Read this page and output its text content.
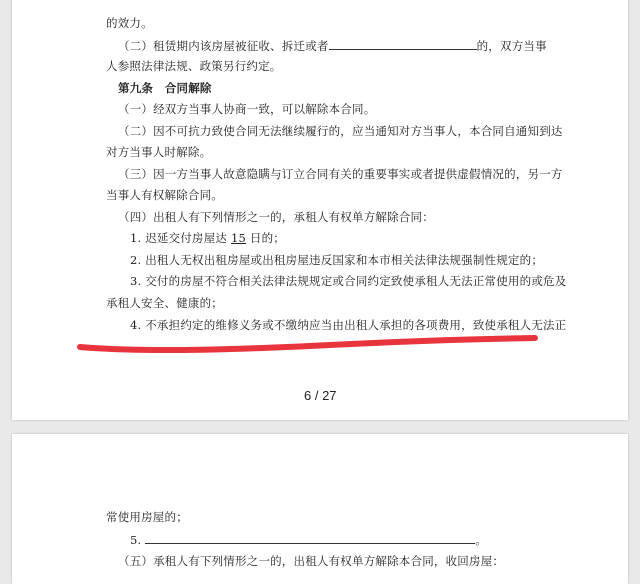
的效力。
（二）租赁期内该房屋被征收、拆迁或者	的，双方当事
人参照法律法规、政策另行约定。
第九条　合同解除
（一）经双方当事人协商一致，可以解除本合同。
（二）因不可抗力致使合同无法继续履行的，应当通知对方当事人，本合同自通知到达
对方当事人时解除。
（三）因一方当事人故意隐瞒与订立合同有关的重要事实或者提供虚假情况的，另一方
当事人有权解除合同。
（四）出租人有下列情形之一的，承租人有权单方解除合同：
1. 迟延交付房屋达 15 日的；
2. 出租人无权出租房屋或出租房屋违反国家和本市相关法律法规强制性规定的；
3. 交付的房屋不符合相关法律法规规定或合同约定致使承租人无法正常使用的或危及
承租人安全、健康的；
4. 不承担约定的维修义务或不缴纳应当由出租人承担的各项费用，致使承租人无法正
6 / 27
常使用房屋的；
5.	。
（五）承租人有下列情形之一的，出租人有权单方解除本合同，收回房屋：
